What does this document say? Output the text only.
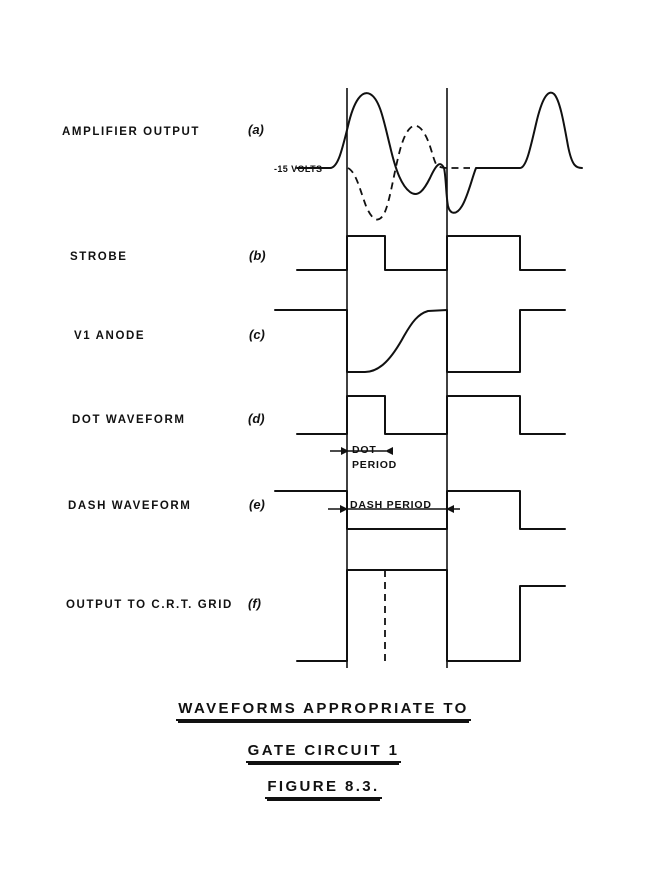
AMPLIFIER OUTPUT	(a)
STROBE	(b)
V1 ANODE	(c)
DOT WAVEFORM	(d)
DASH WAVEFORM	(e)
OUTPUT TO C.R.T. GRID (f)
-15 VOLTS
DOT
PERIOD
DASH PERIOD
WAVEFORMS APPROPRIATE TO
GATE CIRCUIT 1
FIGURE 8.3.
